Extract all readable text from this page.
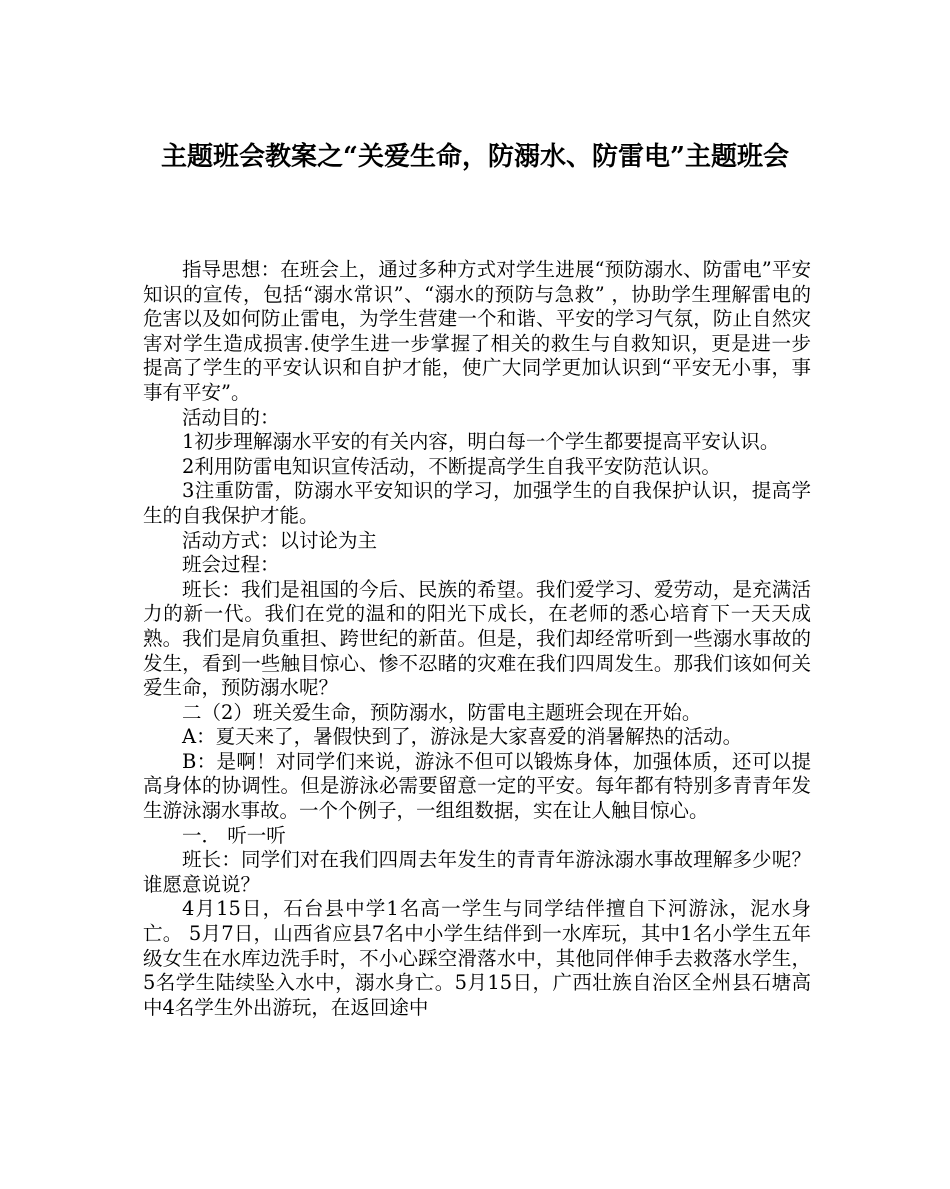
主题班会教案之“关爱生命，防溺水、防雷电”主题班会

指导思想：在班会上，通过多种方式对学生进展“预防溺水、防雷电”平安知识的宣传，包括“溺水常识”、“溺水的预防与急救” ，协助学生理解雷电的危害以及如何防止雷电，为学生营建一个和谐、平安的学习气氛，防止自然灾害对学生造成损害.使学生进一步掌握了相关的救生与自救知识，更是进一步提高了学生的平安认识和自护才能，使广大同学更加认识到“平安无小事，事事有平安”。

活动目的：

1初步理解溺水平安的有关内容，明白每一个学生都要提高平安认识。

2利用防雷电知识宣传活动，不断提高学生自我平安防范认识。

3注重防雷，防溺水平安知识的学习，加强学生的自我保护认识，提高学生的自我保护才能。

活动方式：以讨论为主

班会过程：

班长：我们是祖国的今后、民族的希望。我们爱学习、爱劳动，是充满活力的新一代。我们在党的温和的阳光下成长，在老师的悉心培育下一天天成熟。我们是肩负重担、跨世纪的新苗。但是，我们却经常听到一些溺水事故的发生，看到一些触目惊心、惨不忍睹的灾难在我们四周发生。那我们该如何关爱生命，预防溺水呢？

二（2）班关爱生命，预防溺水，防雷电主题班会现在开始。

A：夏天来了，暑假快到了，游泳是大家喜爱的消暑解热的活动。

B：是啊！对同学们来说，游泳不但可以锻炼身体，加强体质，还可以提高身体的协调性。但是游泳必需要留意一定的平安。每年都有特别多青青年发生游泳溺水事故。一个个例子，一组组数据，实在让人触目惊心。

一． 听一听

班长：同学们对在我们四周去年发生的青青年游泳溺水事故理解多少呢？谁愿意说说？

4月15日，石台县中学1名高一学生与同学结伴擅自下河游泳，泥水身亡。 5月7日，山西省应县7名中小学生结伴到一水库玩，其中1名小学生五年级女生在水库边洗手时，不小心踩空滑落水中，其他同伴伸手去救落水学生，5名学生陆续坠入水中，溺水身亡。5月15日，广西壮族自治区全州县石塘高中4名学生外出游玩，在返回途中
